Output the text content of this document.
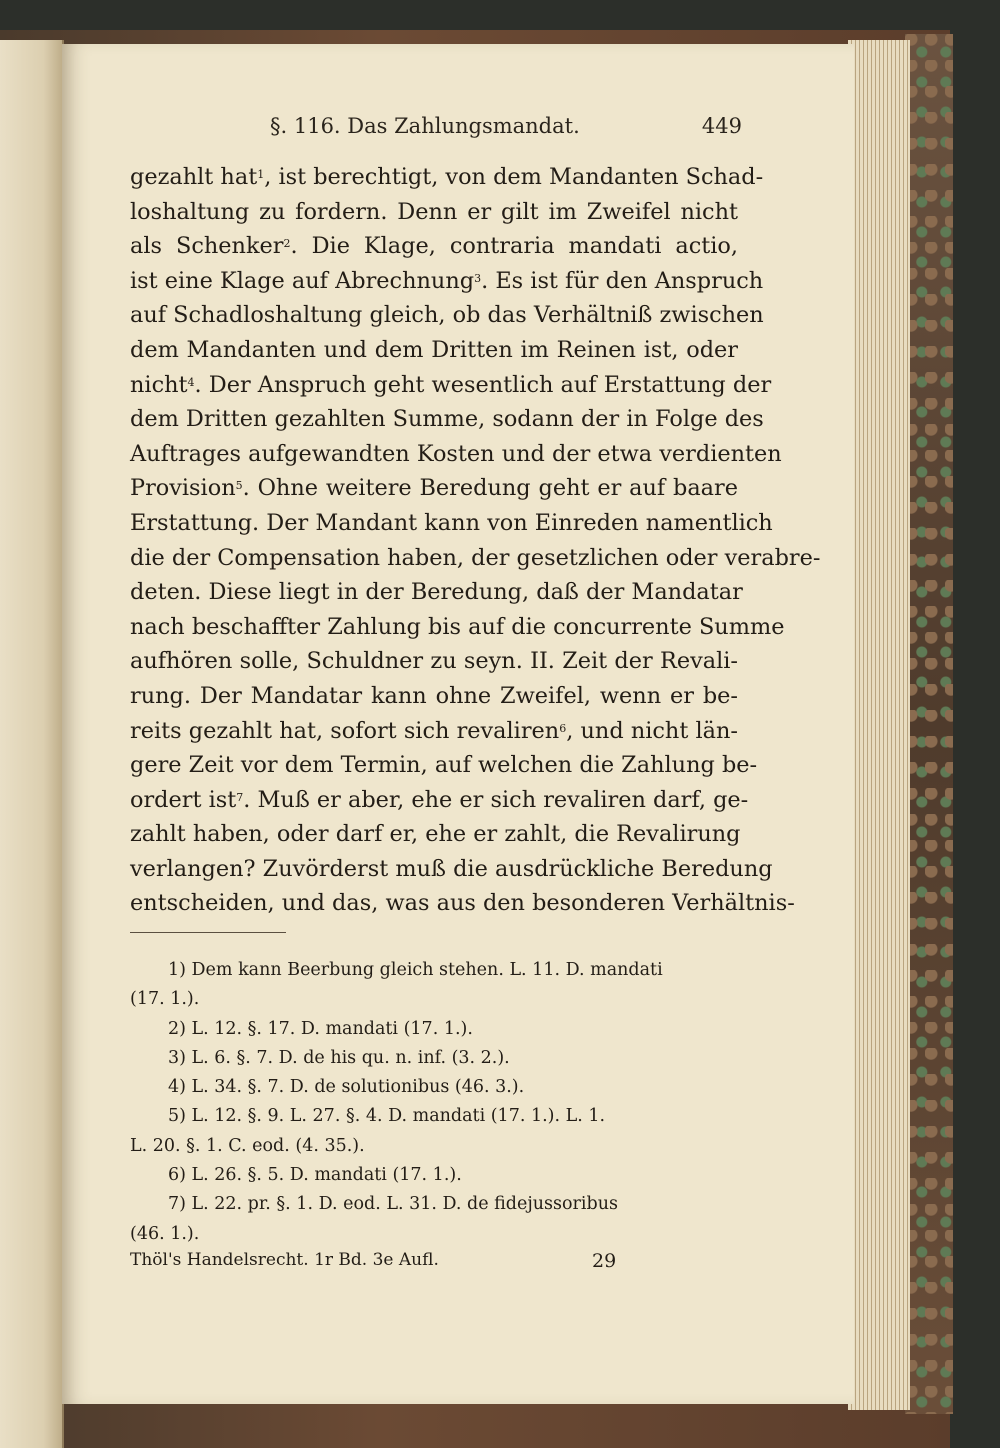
§. 116. Das Zahlungsmandat.	449
gezahlt hat$^1$, ist berechtigt, von dem Mandanten Schad-
loshaltung zu fordern. Denn er gilt im Zweifel nicht
als Schenker$^2$. Die Klage, contraria mandati actio,
ist eine Klage auf Abrechnung$^3$. Es ist für den Anspruch
auf Schadloshaltung gleich, ob das Verhältniß zwischen
dem Mandanten und dem Dritten im Reinen ist, oder
nicht$^4$. Der Anspruch geht wesentlich auf Erstattung der
dem Dritten gezahlten Summe, sodann der in Folge des
Auftrages aufgewandten Kosten und der etwa verdienten
Provision$^5$. Ohne weitere Beredung geht er auf baare
Erstattung. Der Mandant kann von Einreden namentlich
die der Compensation haben, der gesetzlichen oder verabre-
deten. Diese liegt in der Beredung, daß der Mandatar
nach beschaffter Zahlung bis auf die concurrente Summe
aufhören solle, Schuldner zu seyn. II. Zeit der Revali-
rung. Der Mandatar kann ohne Zweifel, wenn er be-
reits gezahlt hat, sofort sich revaliren$^6$, und nicht län-
gere Zeit vor dem Termin, auf welchen die Zahlung be-
ordert ist$^7$. Muß er aber, ehe er sich revaliren darf, ge-
zahlt haben, oder darf er, ehe er zahlt, die Revalirung
verlangen? Zuvörderst muß die ausdrückliche Beredung
entscheiden, und das, was aus den besonderen Verhältnis-
1) Dem kann Beerbung gleich stehen. L. 11. D. mandati
(17. 1.).
2) L. 12. §. 17. D. mandati (17. 1.).
3) L. 6. §. 7. D. de his qu. n. inf. (3. 2.).
4) L. 34. §. 7. D. de solutionibus (46. 3.).
5) L. 12. §. 9. L. 27. §. 4. D. mandati (17. 1.). L. 1.
L. 20. §. 1. C. eod. (4. 35.).
6) L. 26. §. 5. D. mandati (17. 1.).
7) L. 22. pr. §. 1. D. eod. L. 31. D. de fidejussoribus
(46. 1.).
Thöl's Handelsrecht. 1r Bd. 3e Aufl.	29
